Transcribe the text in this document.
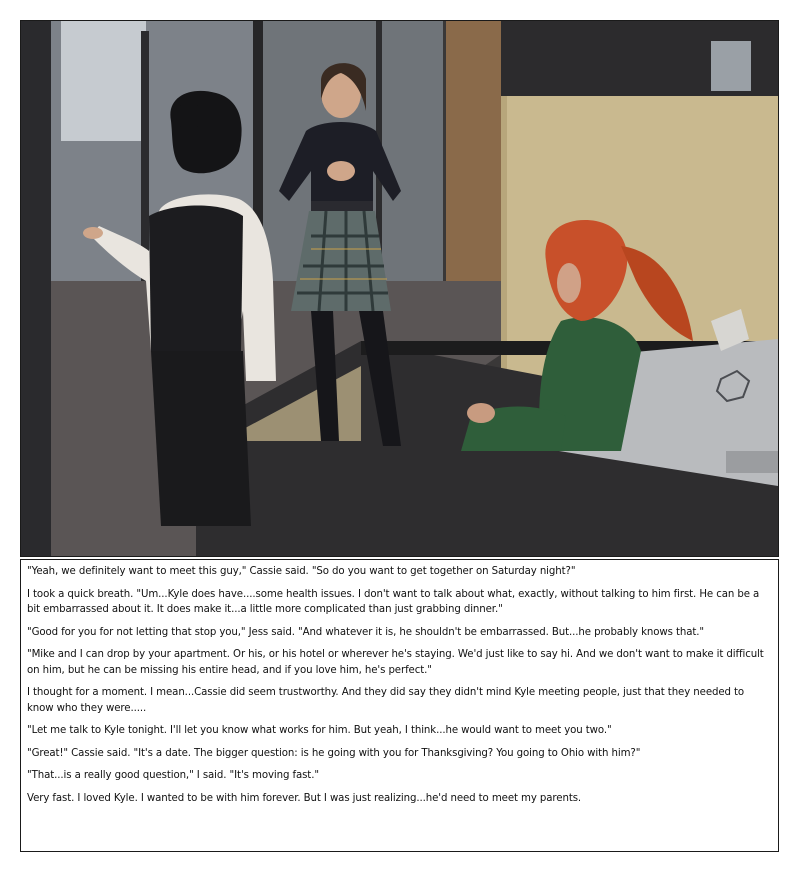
"Yeah, we definitely want to meet this guy," Cassie said. "So do you want to get together on Saturday night?"

I took a quick breath. "Um...Kyle does have....some health issues. I don't want to talk about what, exactly, without talking to him first. He can be a bit embarrassed about it. It does make it...a little more complicated than just grabbing dinner."

"Good for you for not letting that stop you," Jess said. "And whatever it is, he shouldn't be embarrassed. But...he probably knows that."

"Mike and I can drop by your apartment. Or his, or his hotel or wherever he's staying. We'd just like to say hi. And we don't want to make it difficult on him, but he can be missing his entire head, and if you love him, he's perfect."

I thought for a moment. I mean...Cassie did seem trustworthy. And they did say they didn't mind Kyle meeting people, just that they needed to know who they were.....

"Let me talk to Kyle tonight. I'll let you know what works for him. But yeah, I think...he would want to meet you two."

"Great!" Cassie said. "It's a date. The bigger question: is he going with you for Thanksgiving? You going to Ohio with him?"

"That...is a really good question," I said. "It's moving fast."

Very fast. I loved Kyle. I wanted to be with him forever. But I was just realizing...he'd need to meet my parents.
